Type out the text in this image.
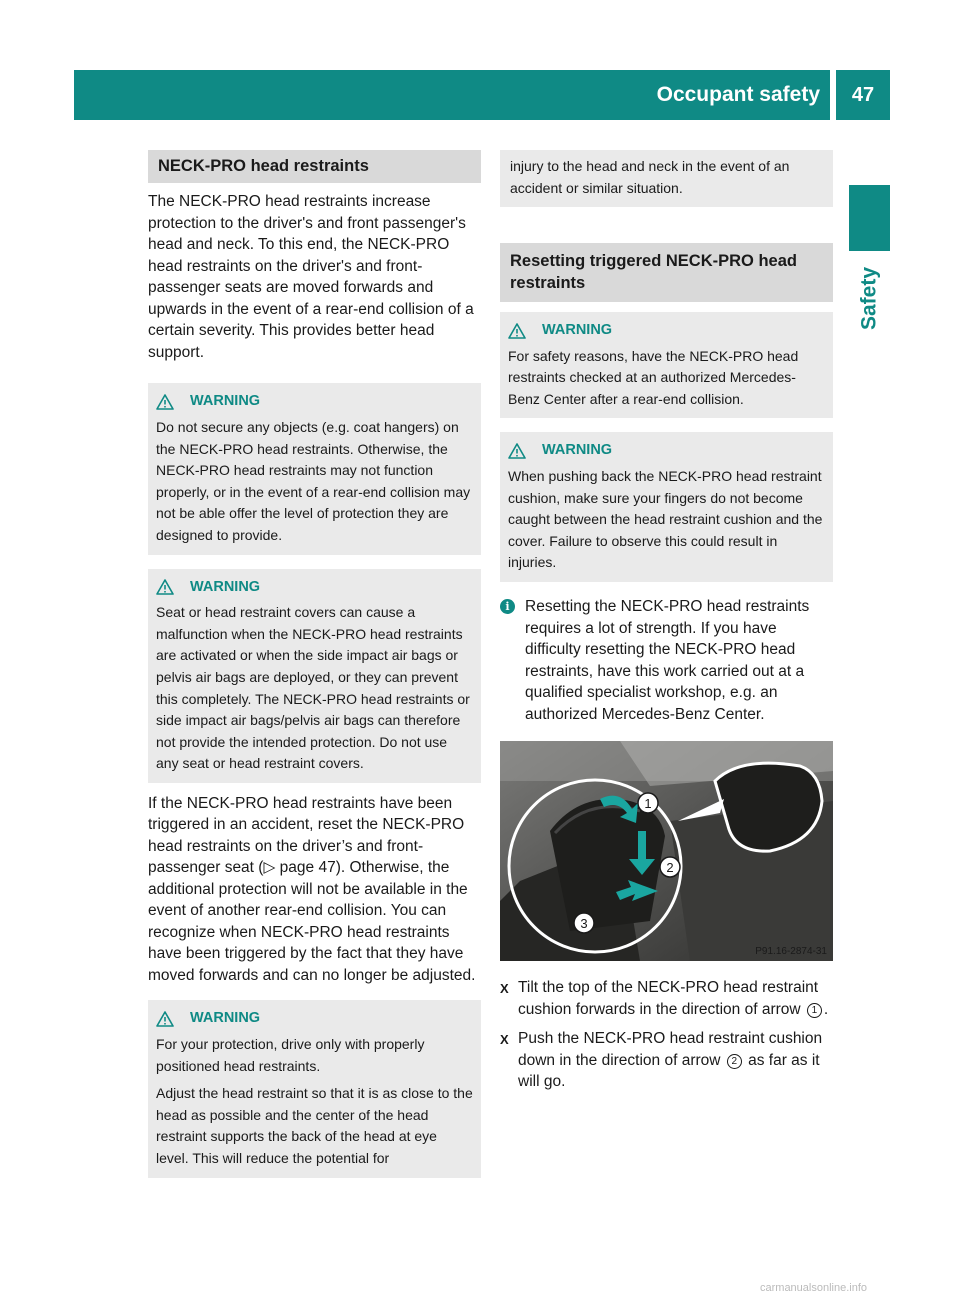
Occupant safety	47
Safety
NECK-PRO head restraints

The NECK-PRO head restraints increase protection to the driver's and front passenger's head and neck. To this end, the NECK-PRO head restraints on the driver's and front-passenger seats are moved forwards and upwards in the event of a rear-end collision of a certain severity. This provides better head support.

WARNING

Do not secure any objects (e.g. coat hangers) on the NECK-PRO head restraints. Otherwise, the NECK-PRO head restraints may not function properly, or in the event of a rear-end collision may not be able offer the level of protection they are designed to provide.

WARNING

Seat or head restraint covers can cause a malfunction when the NECK-PRO head restraints are activated or when the side impact air bags or pelvis air bags are deployed, or they can prevent this completely. The NECK-PRO head restraints or side impact air bags/pelvis air bags can therefore not provide the intended protection. Do not use any seat or head restraint covers.

If the NECK-PRO head restraints have been triggered in an accident, reset the NECK-PRO head restraints on the driver’s and front-passenger seat (▷ page 47). Otherwise, the additional protection will not be available in the event of another rear-end collision. You can recognize when NECK-PRO head restraints have been triggered by the fact that they have moved forwards and can no longer be adjusted.

WARNING

For your protection, drive only with properly positioned head restraints.

Adjust the head restraint so that it is as close to the head as possible and the center of the head restraint supports the back of the head at eye level. This will reduce the potential for

injury to the head and neck in the event of an accident or similar situation.
Resetting triggered NECK-PRO head restraints
WARNING

For safety reasons, have the NECK-PRO head restraints checked at an authorized Mercedes-Benz Center after a rear-end collision.

WARNING

When pushing back the NECK-PRO head restraint cushion, make sure your fingers do not become caught between the head restraint cushion and the cover. Failure to observe this could result in injuries.

i Resetting the NECK-PRO head restraints requires a lot of strength. If you have difficulty resetting the NECK-PRO head restraints, have this work carried out at a qualified specialist workshop, e.g. an authorized Mercedes-Benz Center.
1
2
3
P91.16-2874-31
X Tilt the top of the NECK-PRO head restraint cushion forwards in the direction of arrow 1 .
X Push the NECK-PRO head restraint cushion down in the direction of arrow 2 as far as it will go.
carmanualsonline.info
